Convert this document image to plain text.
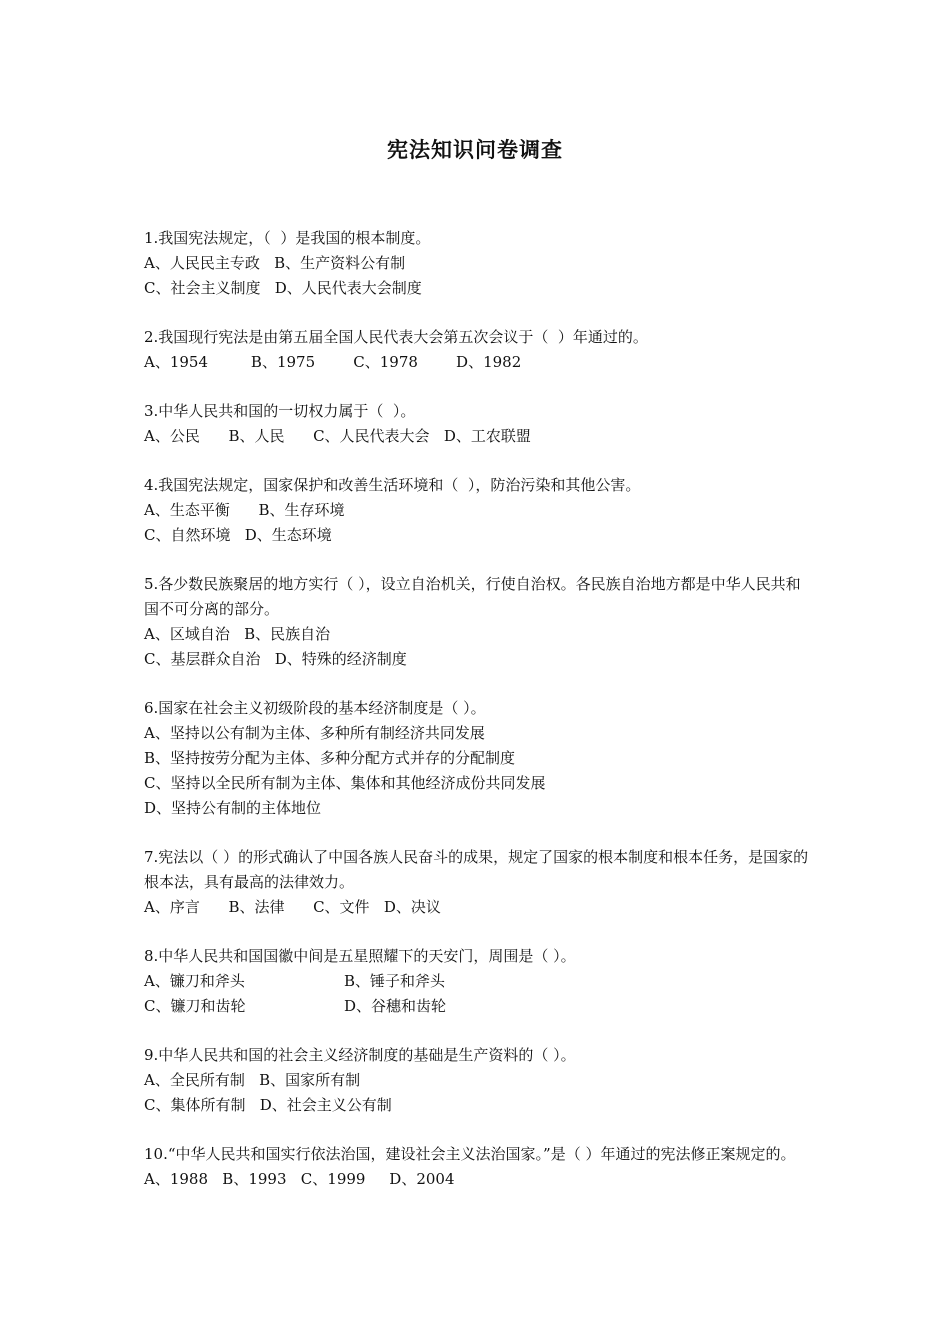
宪法知识问卷调查
1.我国宪法规定，（  ）是我国的根本制度。
A、人民民主专政   B、生产资料公有制
C、社会主义制度   D、人民代表大会制度
2.我国现行宪法是由第五届全国人民代表大会第五次会议于（  ）年通过的。
A、1954         B、1975        C、1978        D、1982
3.中华人民共和国的一切权力属于（  ）。
A、公民      B、人民      C、人民代表大会   D、工农联盟
4.我国宪法规定，国家保护和改善生活环境和（  ），防治污染和其他公害。
A、生态平衡      B、生存环境
C、自然环境   D、生态环境
5.各少数民族聚居的地方实行（ ），设立自治机关，行使自治权。各民族自治地方都是中华人民共和国不可分离的部分。
A、区域自治   B、民族自治
C、基层群众自治   D、特殊的经济制度
6.国家在社会主义初级阶段的基本经济制度是（ ）。
A、坚持以公有制为主体、多种所有制经济共同发展
B、坚持按劳分配为主体、多种分配方式并存的分配制度
C、坚持以全民所有制为主体、集体和其他经济成份共同发展
D、坚持公有制的主体地位
7.宪法以（ ）的形式确认了中国各族人民奋斗的成果，规定了国家的根本制度和根本任务，是国家的根本法，具有最高的法律效力。
A、序言      B、法律      C、文件   D、决议
8.中华人民共和国国徽中间是五星照耀下的天安门，周围是（ ）。
A、镰刀和斧头	B、锤子和斧头
C、镰刀和齿轮	D、谷穗和齿轮
9.中华人民共和国的社会主义经济制度的基础是生产资料的（ ）。
A、全民所有制   B、国家所有制
C、集体所有制   D、社会主义公有制
10.“中华人民共和国实行依法治国，建设社会主义法治国家。”是（ ）年通过的宪法修正案规定的。
A、1988   B、1993   C、1999     D、2004
